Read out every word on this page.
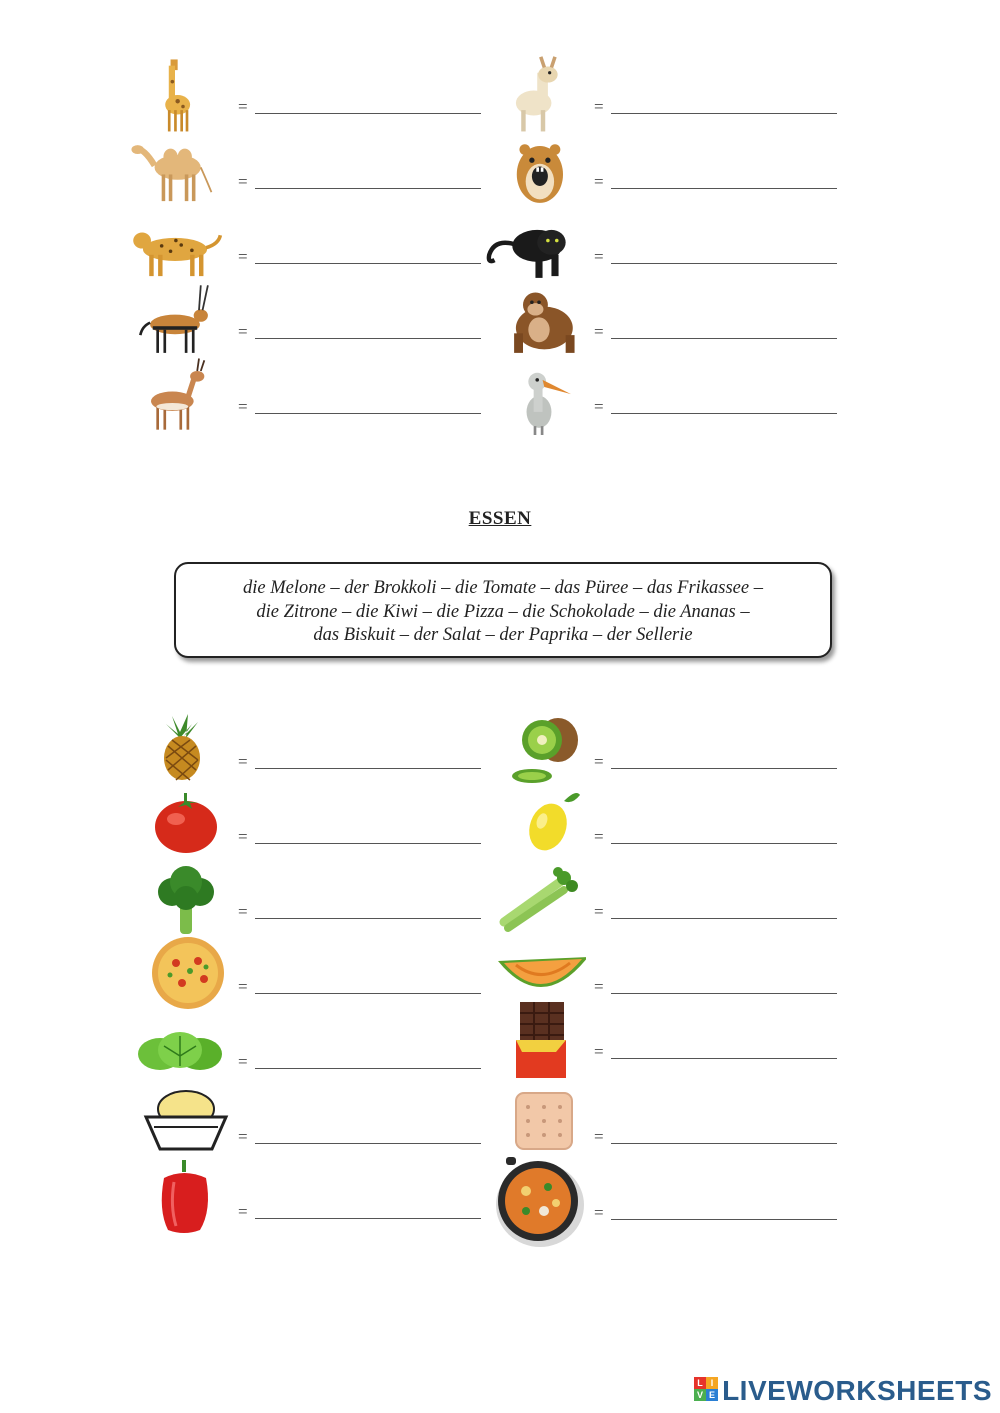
=
=
=
=
=
=
=
=
=
=
ESSEN
die Melone – der Brokkoli – die Tomate – das Püree – das Frikassee –
die Zitrone – die Kiwi – die Pizza – die Schokolade – die Ananas –
das Biskuit – der Salat – der Paprika – der Sellerie
=
=
=
=
=
=
=
=
=
=
=
=
=
=
L I
V E LIVEWORKSHEETS
